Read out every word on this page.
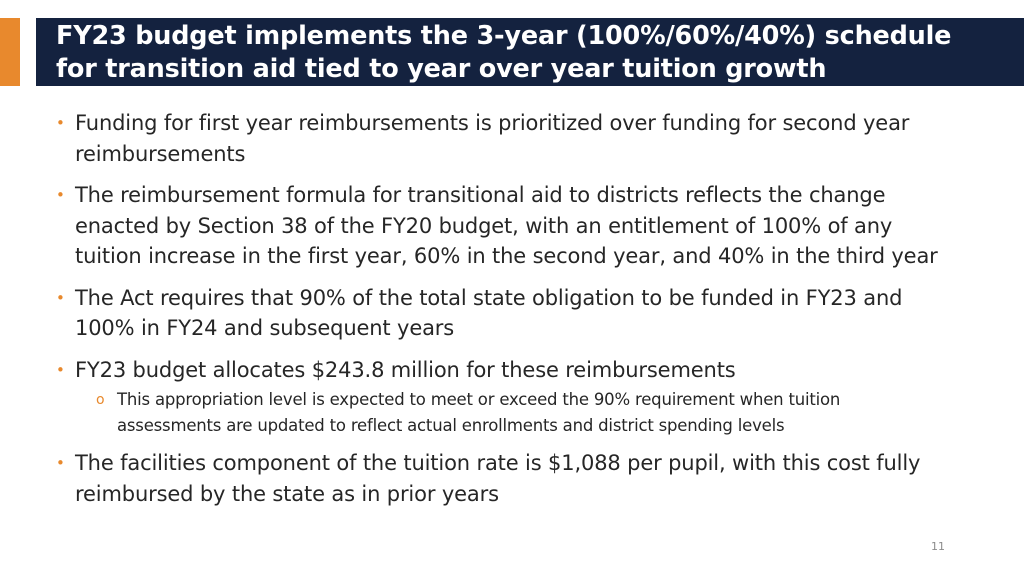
FY23 budget implements the 3-year (100%/60%/40%) schedule
for transition aid tied to year over year tuition growth
• Funding for first year reimbursements is prioritized over funding for second year
reimbursements
• The reimbursement formula for transitional aid to districts reflects the change
enacted by Section 38 of the FY20 budget, with an entitlement of 100% of any
tuition increase in the first year, 60% in the second year, and 40% in the third year
• The Act requires that 90% of the total state obligation to be funded in FY23 and
100% in FY24 and subsequent years
• FY23 budget allocates $243.8 million for these reimbursements
o This appropriation level is expected to meet or exceed the 90% requirement when tuition
assessments are updated to reflect actual enrollments and district spending levels
• The facilities component of the tuition rate is $1,088 per pupil, with this cost fully
reimbursed by the state as in prior years
11
